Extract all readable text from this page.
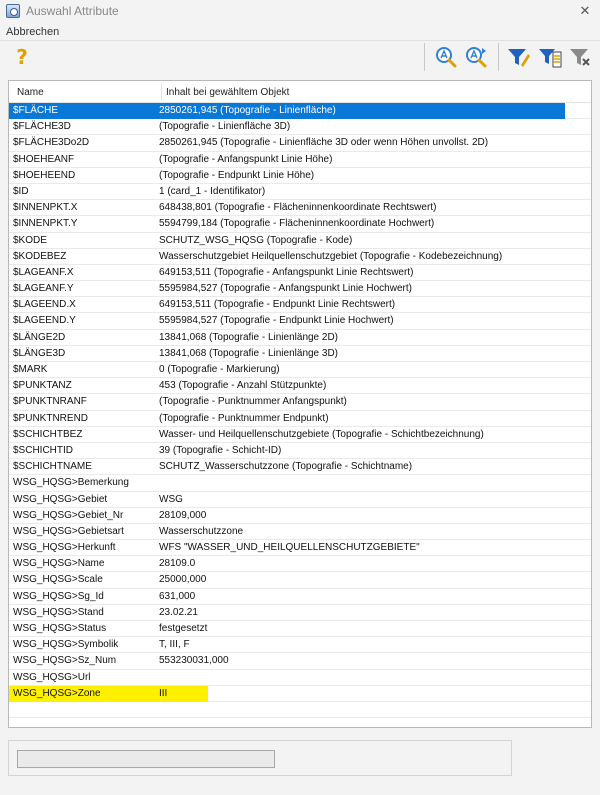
Auswahl Attribute	✕
Abbrechen
?
Name	Inhalt bei gewähltem Objekt
$FLÄCHE	2850261,945 (Topografie - Linienfläche)
$FLÄCHE3D	(Topografie - Linienfläche 3D)
$FLÄCHE3Do2D	2850261,945 (Topografie - Linienfläche 3D oder wenn Höhen unvollst. 2D)
$HOEHEANF	(Topografie - Anfangspunkt Linie Höhe)
$HOEHEEND	(Topografie - Endpunkt Linie Höhe)
$ID	1 (card_1 - Identifikator)
$INNENPKT.X	648438,801 (Topografie - Flächeninnenkoordinate Rechtswert)
$INNENPKT.Y	5594799,184 (Topografie - Flächeninnenkoordinate Hochwert)
$KODE	SCHUTZ_WSG_HQSG (Topografie - Kode)
$KODEBEZ	Wasserschutzgebiet Heilquellenschutzgebiet (Topografie - Kodebezeichnung)
$LAGEANF.X	649153,511 (Topografie - Anfangspunkt Linie Rechtswert)
$LAGEANF.Y	5595984,527 (Topografie - Anfangspunkt Linie Hochwert)
$LAGEEND.X	649153,511 (Topografie - Endpunkt Linie Rechtswert)
$LAGEEND.Y	5595984,527 (Topografie - Endpunkt Linie Hochwert)
$LÄNGE2D	13841,068 (Topografie - Linienlänge 2D)
$LÄNGE3D	13841,068 (Topografie - Linienlänge 3D)
$MARK	0 (Topografie - Markierung)
$PUNKTANZ	453 (Topografie - Anzahl Stützpunkte)
$PUNKTNRANF	(Topografie - Punktnummer Anfangspunkt)
$PUNKTNREND	(Topografie - Punktnummer Endpunkt)
$SCHICHTBEZ	Wasser- und Heilquellenschutzgebiete (Topografie - Schichtbezeichnung)
$SCHICHTID	39 (Topografie - Schicht-ID)
$SCHICHTNAME	SCHUTZ_Wasserschutzzone (Topografie - Schichtname)
WSG_HQSG>Bemerkung
WSG_HQSG>Gebiet	WSG
WSG_HQSG>Gebiet_Nr	28109,000
WSG_HQSG>Gebietsart	Wasserschutzzone
WSG_HQSG>Herkunft	WFS "WASSER_UND_HEILQUELLENSCHUTZGEBIETE"
WSG_HQSG>Name	28109.0
WSG_HQSG>Scale	25000,000
WSG_HQSG>Sg_Id	631,000
WSG_HQSG>Stand	23.02.21
WSG_HQSG>Status	festgesetzt
WSG_HQSG>Symbolik	T, III, F
WSG_HQSG>Sz_Num	553230031,000
WSG_HQSG>Url
WSG_HQSG>Zone	III
